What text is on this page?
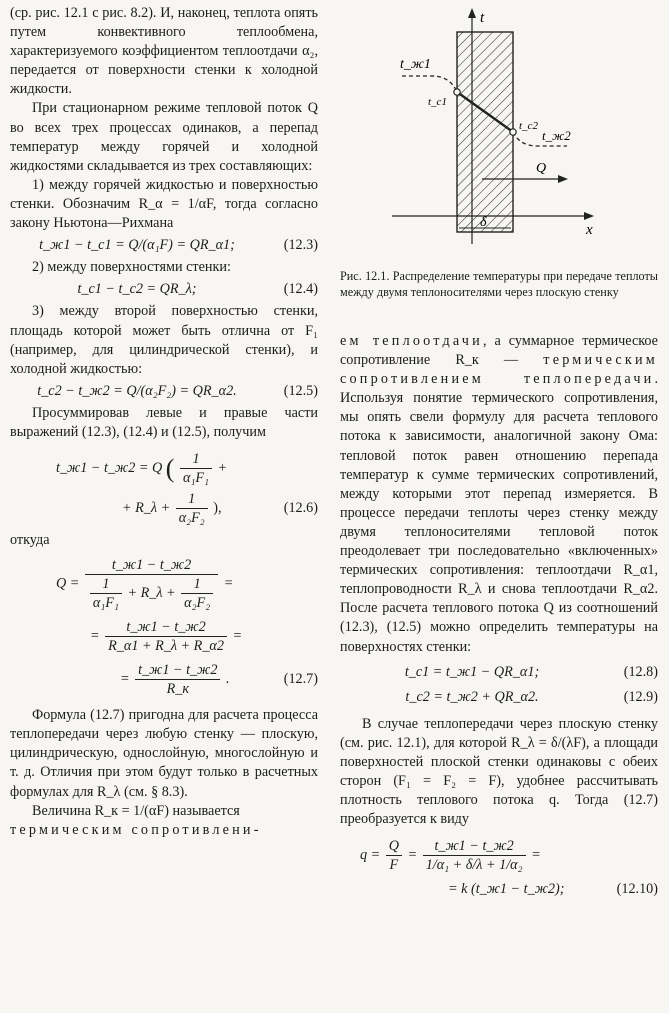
(ср. рис. 12.1 с рис. 8.2). И, наконец, теплота опять путем конвективного теплообмена, характеризуемого коэффициентом теплоотдачи α₂, передается от поверхности стенки к холодной жидкости.

При стационарном режиме тепловой поток Q во всех трех процессах одинаков, а перепад температур между горячей и холодной жидкостями складывается из трех составляющих:

1) между горячей жидкостью и поверхностью стенки. Обозначим R_α = 1/αF, тогда согласно закону Ньютона—Рихмана

t_ж1 − t_с1 = Q/(α₁F) = QR_α1;	(12.3)

2) между поверхностями стенки:

t_с1 − t_с2 = QR_λ;	(12.4)

3) между второй поверхностью стенки, площадь которой может быть отлична от F₁ (например, для цилиндрической стенки), и холодной жидкостью:

t_с2 − t_ж2 = Q/(α₂F₂) = QR_α2.	(12.5)

Просуммировав левые и правые части выражений (12.3), (12.4) и (12.5), получим

t_ж1 − t_ж2 = Q ( $\frac{1}{\text{α₁F₁}}$ +
+ R_λ + $\frac{1}{\text{α₂F₂}}$ ),	(12.6)

откуда

$Q = \frac{t\_ж1 - t\_ж2}{\frac{1}{\text{α₁F₁}} + R\_\lambda + \frac{1}{\text{α₂F₂}}}$ =
= $\frac{t\_ж1 - t\_ж2}{R\_\alpha 1 + R\_\lambda + R\_\alpha 2}$ =
= $\frac{t\_ж1 - t\_ж2}{R\_к}$ .	(12.7)

Формула (12.7) пригодна для расчета процесса теплопередачи через любую стенку — плоскую, цилиндрическую, однослойную, многослойную и т. д. Отличия при этом будут только в расчетных формулах для R_λ (см. § 8.3).

Величина R_к = 1/(αF) называется

термическим сопротивлени-

t
x
t_ж1
t_с1
t_с2
t_ж2
Q
δ

Рис. 12.1. Распределение температуры при передаче теплоты между двумя теплоносителями через плоскую стенку

ем теплоотдачи, а суммарное термическое сопротивление R_к — термическим сопротивлением теплопередачи. Используя понятие термического сопротивления, мы опять свели формулу для расчета теплового потока к зависимости, аналогичной закону Ома: тепловой поток равен отношению перепада температур к сумме термических сопротивлений, между которыми этот перепад измеряется. В процессе передачи теплоты через стенку между двумя теплоносителями тепловой поток преодолевает три последовательно «включенных» термических сопротивления: теплоотдачи R_α1, теплопроводности R_λ и снова теплоотдачи R_α2. После расчета теплового потока Q из соотношений (12.3), (12.5) можно определить температуры на поверхностях стенки:

t_с1 = t_ж1 − QR_α1;	(12.8)
t_с2 = t_ж2 + QR_α2.	(12.9)

В случае теплопередачи через плоскую стенку (см. рис. 12.1), для которой R_λ = δ/(λF), а площади поверхностей плоской стенки одинаковы с обеих сторон (F₁ = F₂ = F), удобнее рассчитывать плотность теплового потока q. Тогда (12.7) преобразуется к виду

$q = \frac{Q}{F} = \frac{t\_ж1 - t\_ж2}{\text{1/α₁ + δ/λ + 1/α₂}}$ =
= k (t_ж1 − t_ж2);	(12.10)
